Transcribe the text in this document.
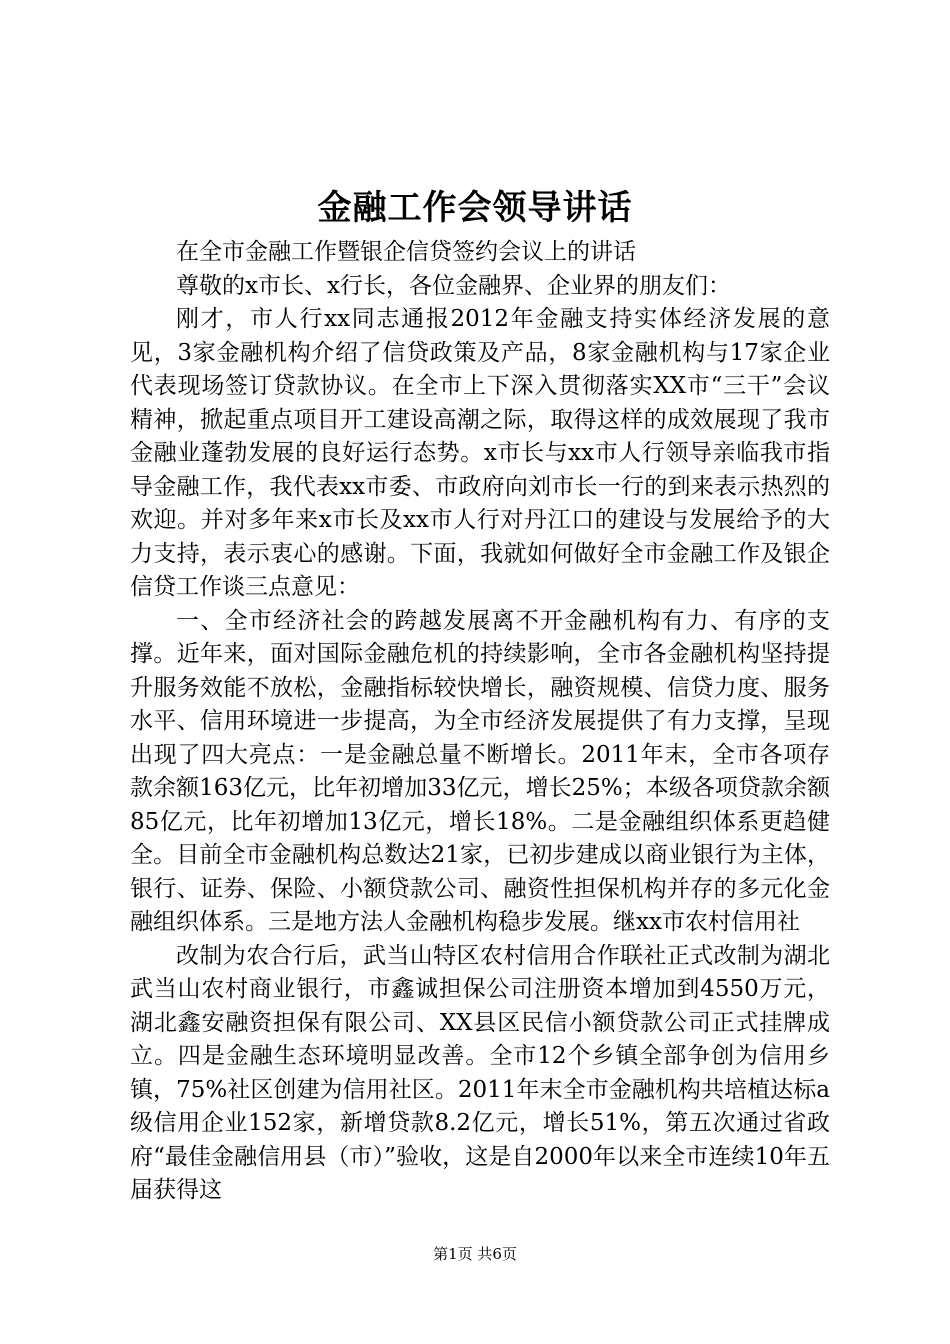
金融工作会领导讲话

在全市金融工作暨银企信贷签约会议上的讲话

尊敬的x市长、x行长，各位金融界、企业界的朋友们：

刚才，市人行xx同志通报2012年金融支持实体经济发展的意见，3家金融机构介绍了信贷政策及产品，8家金融机构与17家企业代表现场签订贷款协议。在全市上下深入贯彻落实XX市“三干”会议精神，掀起重点项目开工建设高潮之际，取得这样的成效展现了我市金融业蓬勃发展的良好运行态势。x市长与xx市人行领导亲临我市指导金融工作，我代表xx市委、市政府向刘市长一行的到来表示热烈的欢迎。并对多年来x市长及xx市人行对丹江口的建设与发展给予的大力支持，表示衷心的感谢。下面，我就如何做好全市金融工作及银企信贷工作谈三点意见：

一、全市经济社会的跨越发展离不开金融机构有力、有序的支撑。近年来，面对国际金融危机的持续影响，全市各金融机构坚持提升服务效能不放松，金融指标较快增长，融资规模、信贷力度、服务水平、信用环境进一步提高，为全市经济发展提供了有力支撑，呈现出现了四大亮点：一是金融总量不断增长。2011年末，全市各项存款余额163亿元，比年初增加33亿元，增长25%；本级各项贷款余额85亿元，比年初增加13亿元，增长18%。二是金融组织体系更趋健全。目前全市金融机构总数达21家，已初步建成以商业银行为主体，银行、证券、保险、小额贷款公司、融资性担保机构并存的多元化金融组织体系。三是地方法人金融机构稳步发展。继xx市农村信用社

改制为农合行后，武当山特区农村信用合作联社正式改制为湖北武当山农村商业银行，市鑫诚担保公司注册资本增加到4550万元，湖北鑫安融资担保有限公司、XX县区民信小额贷款公司正式挂牌成立。四是金融生态环境明显改善。全市12个乡镇全部争创为信用乡镇，75%社区创建为信用社区。2011年末全市金融机构共培植达标a级信用企业152家，新增贷款8.2亿元，增长51%，第五次通过省政府“最佳金融信用县（市）”验收，这是自2000年以来全市连续10年五届获得这

第1页 共6页
